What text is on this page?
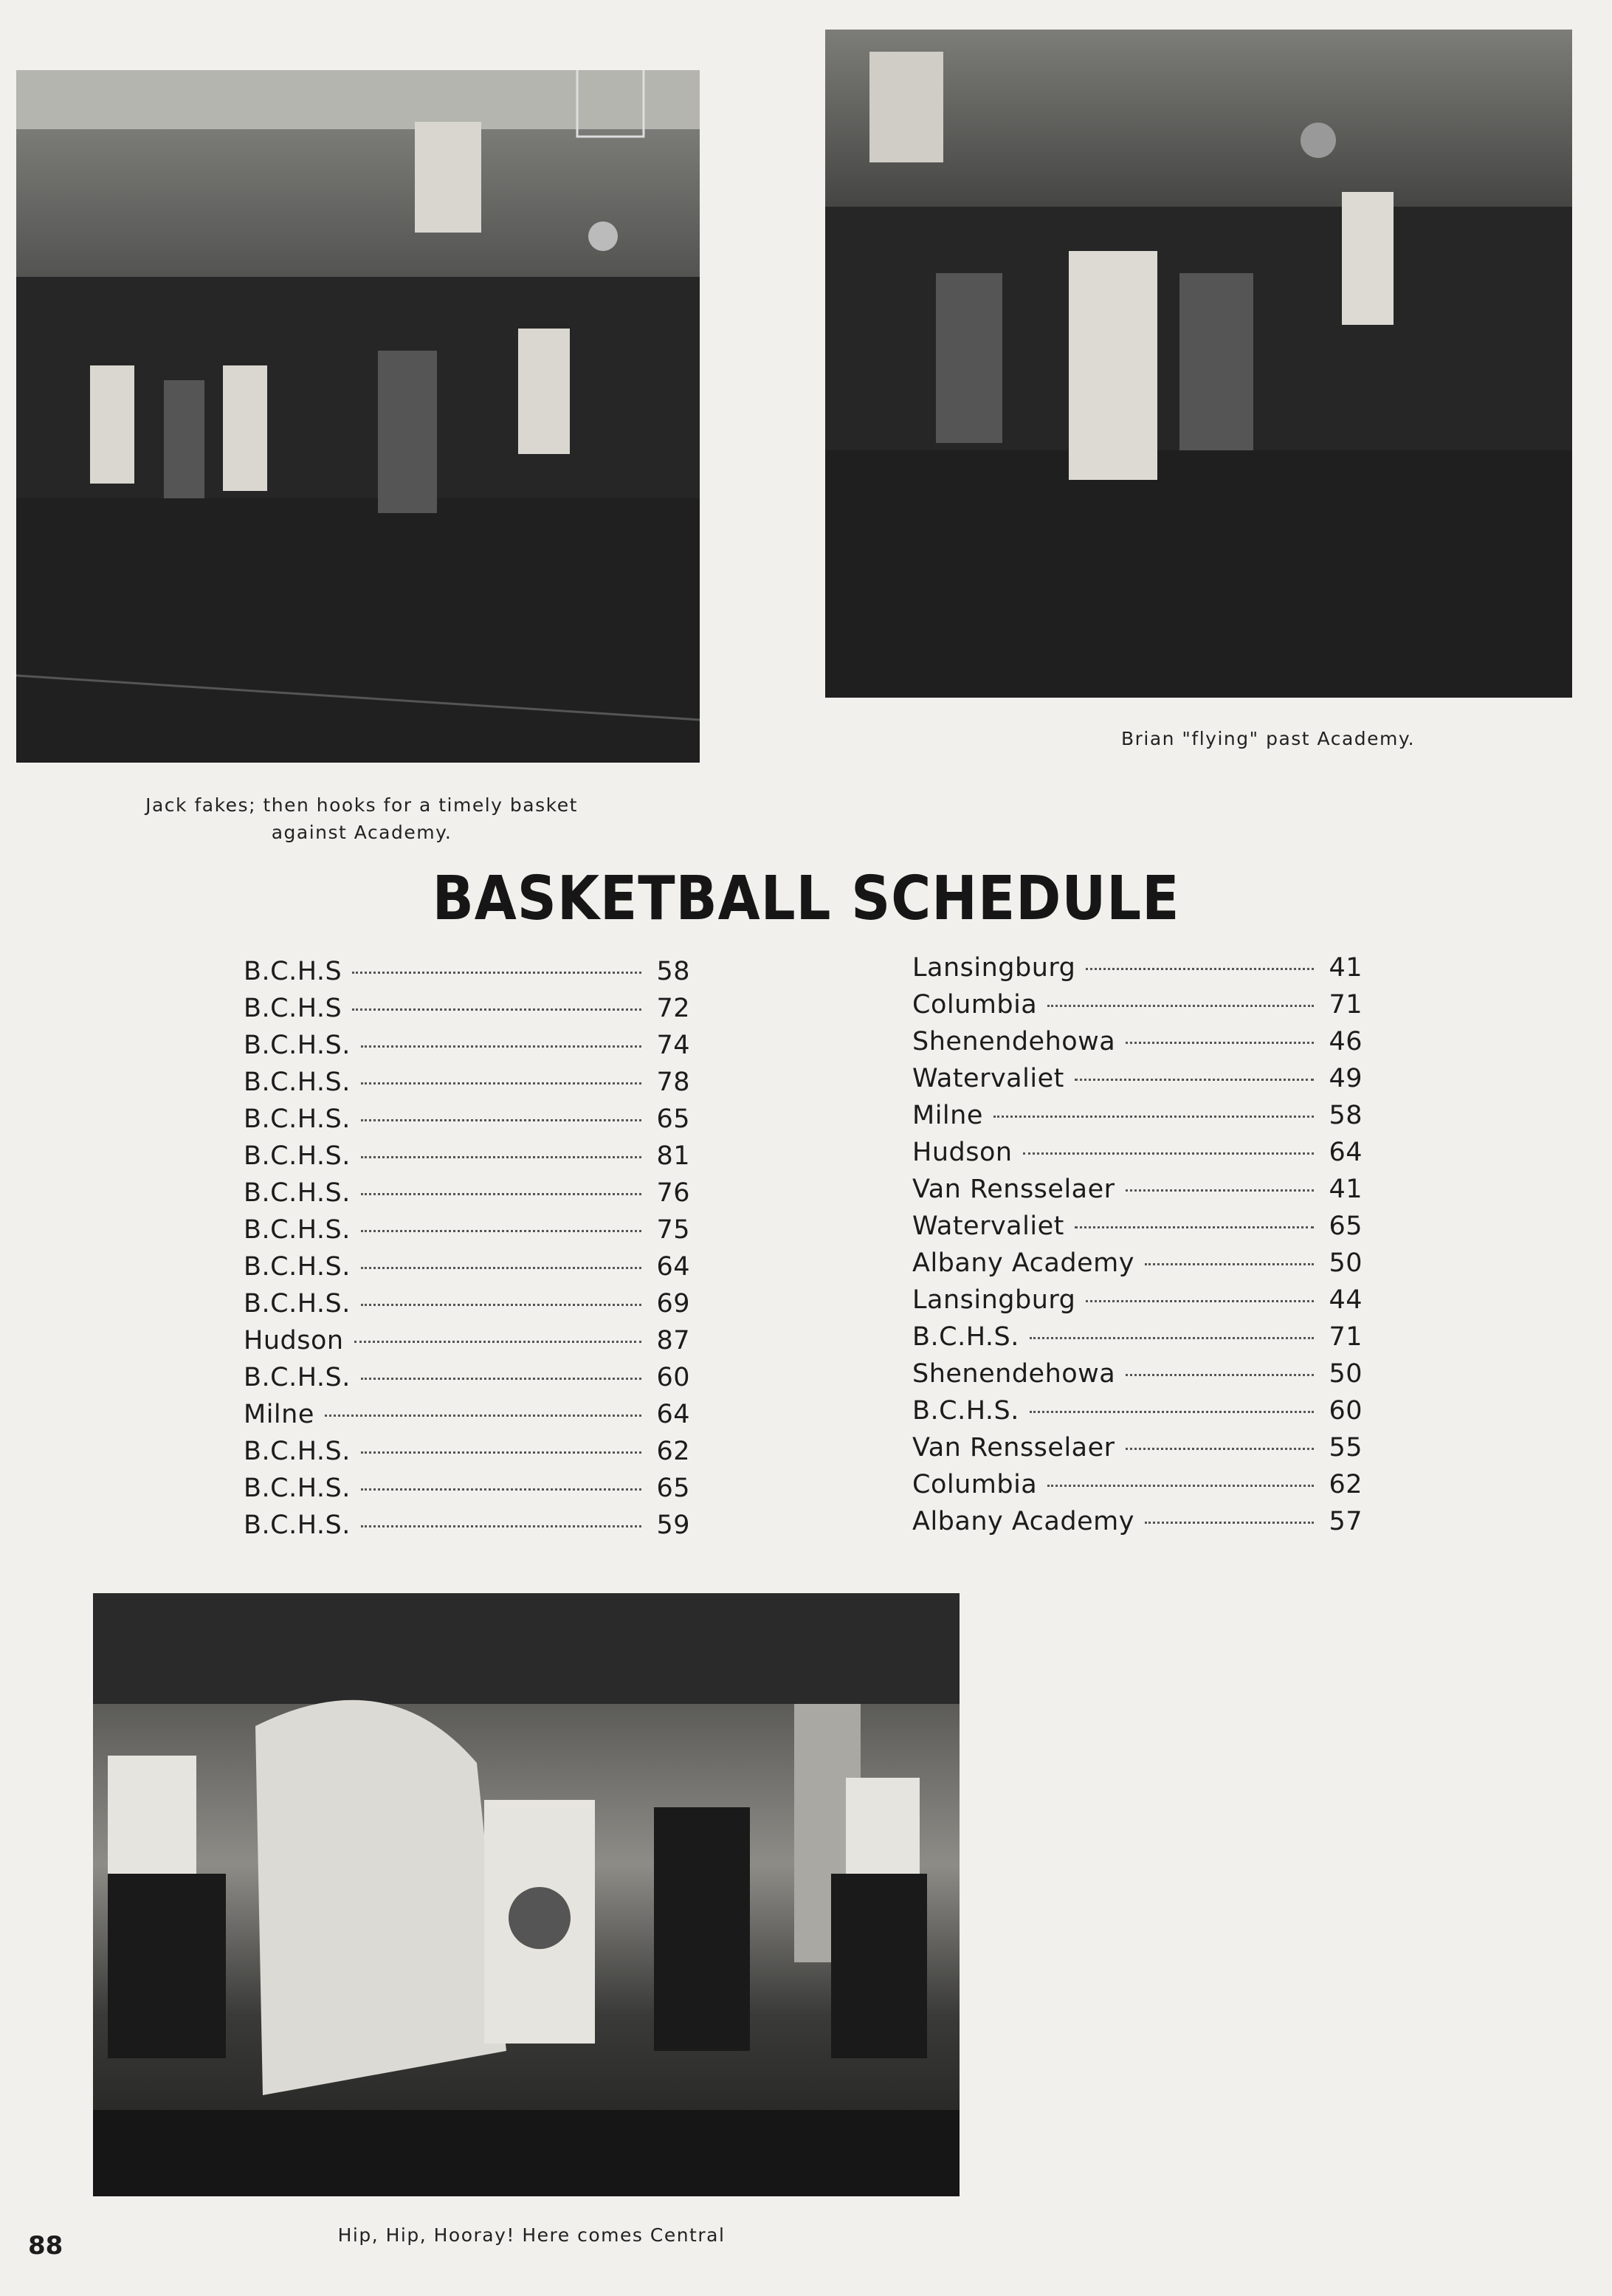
Jack fakes; then hooks for a timely basket
against Academy.
Brian "flying" past Academy.
BASKETBALL SCHEDULE
B.C.H.S	58
B.C.H.S	72
B.C.H.S.	74
B.C.H.S.	78
B.C.H.S.	65
B.C.H.S.	81
B.C.H.S.	76
B.C.H.S.	75
B.C.H.S.	64
B.C.H.S.	69
Hudson	87
B.C.H.S.	60
Milne	64
B.C.H.S.	62
B.C.H.S.	65
B.C.H.S.	59
Lansingburg	41
Columbia	71
Shenendehowa	46
Watervaliet	49
Milne	58
Hudson	64
Van Rensselaer	41
Watervaliet	65
Albany Academy	50
Lansingburg	44
B.C.H.S.	71
Shenendehowa	50
B.C.H.S.	60
Van Rensselaer	55
Columbia	62
Albany Academy	57
Hip, Hip, Hooray! Here comes Central
88
